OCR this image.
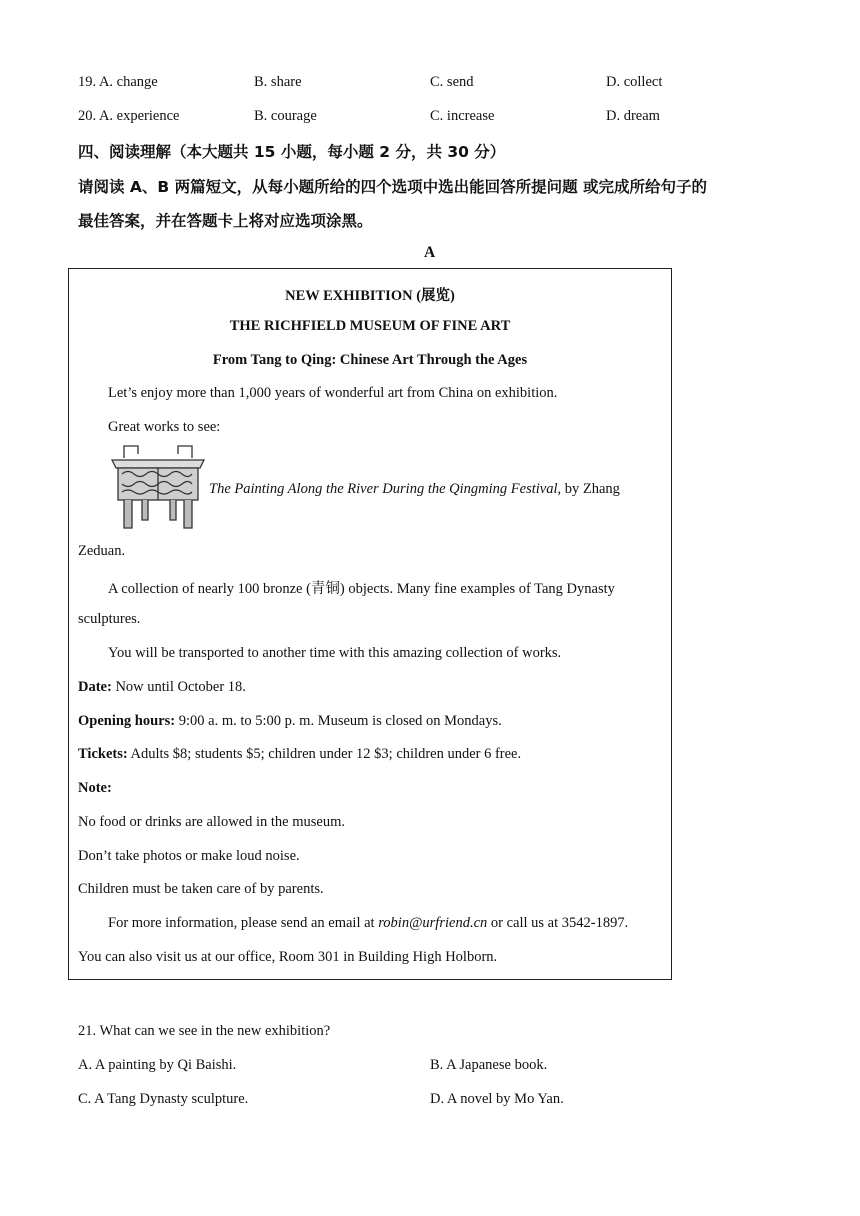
19. A. change	B. share	C. send	D. collect
20. A. experience	B. courage	C. increase	D. dream
四、阅读理解（本大题共 15 小题，每小题 2 分，共 30 分）
请阅读 A、B 两篇短文，从每小题所给的四个选项中选出能回答所提问题 或完成所给句子的
最佳答案，并在答题卡上将对应选项涂黑。
A
NEW EXHIBITION (展览)
THE RICHFIELD MUSEUM OF FINE ART
From Tang to Qing: Chinese Art Through the Ages
Let’s enjoy more than 1,000 years of wonderful art from China on exhibition.
Great works to see:
The Painting Along the River During the Qingming Festival, by Zhang
Zeduan.
A collection of nearly 100 bronze (青铜) objects. Many fine examples of Tang Dynasty
sculptures.
You will be transported to another time with this amazing collection of works.
Date: Now until October 18.
Opening hours: 9:00 a. m. to 5:00 p. m. Museum is closed on Mondays.
Tickets: Adults $8; students $5; children under 12 $3; children under 6 free.
Note:
No food or drinks are allowed in the museum.
Don’t take photos or make loud noise.
Children must be taken care of by parents.
For more information, please send an email at robin@urfriend.cn or call us at 3542-1897.
You can also visit us at our office, Room 301 in Building High Holborn.
21. What can we see in the new exhibition?
A. A painting by Qi Baishi.	B. A Japanese book.
C. A Tang Dynasty sculpture.	D. A novel by Mo Yan.
